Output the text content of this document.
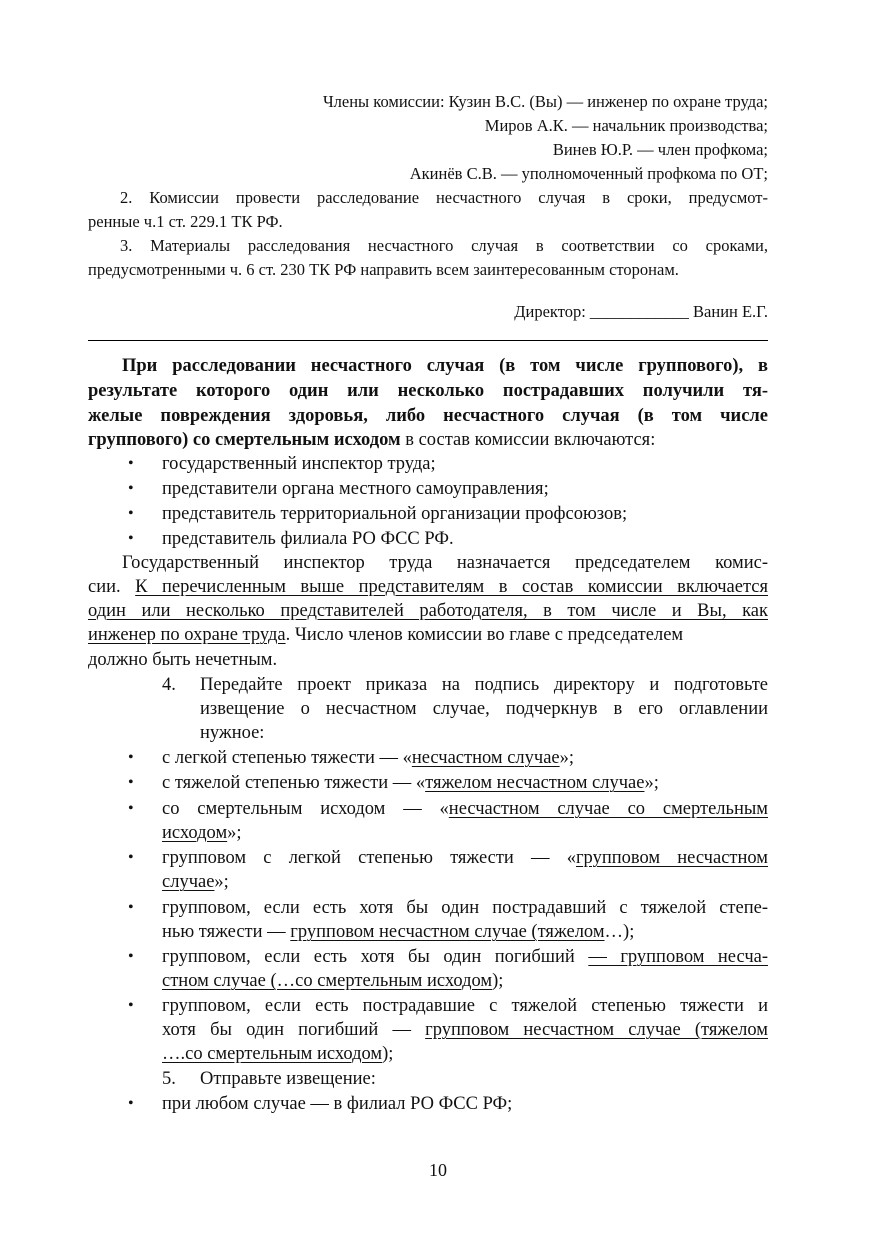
Члены комиссии: Кузин В.С. (Вы) — инженер по охране труда;
Миров А.К. — начальник производства;
Винев Ю.Р. — член профкома;
Акинёв С.В. — уполномоченный профкома по ОТ;
2. Комиссии провести расследование несчастного случая в сроки, предусмот-
ренные ч.1 ст. 229.1 ТК РФ.
3. Материалы расследования несчастного случая в соответствии со сроками,
предусмотренными ч. 6 ст. 230 ТК РФ направить всем заинтересованным сторонам.
Директор: ____________ Ванин Е.Г.
При расследовании несчастного случая (в том числе группового), в
результате которого один или несколько пострадавших получили тя-
желые повреждения здоровья, либо несчастного случая (в том числе
группового) со смертельным исходом в состав комиссии включаются:
• государственный инспектор труда;
• представители органа местного самоуправления;
• представитель территориальной организации профсоюзов;
• представитель филиала РО ФСС РФ.
Государственный инспектор труда назначается председателем комис-
сии. К перечисленным выше представителям в состав комиссии включается
один или несколько представителей работодателя, в том числе и Вы, как
инженер по охране труда. Число членов комиссии во главе с председателем
должно быть нечетным.
4. Передайте проект приказа на подпись директору и подготовьте
извещение о несчастном случае, подчеркнув в его оглавлении
нужное:
• с легкой степенью тяжести — «несчастном случае»;
• с тяжелой степенью тяжести — «тяжелом несчастном случае»;
• со смертельным исходом — «несчастном случае со смертельным
исходом»;
• групповом с легкой степенью тяжести — «групповом несчастном
случае»;
• групповом, если есть хотя бы один пострадавший с тяжелой степе-
нью тяжести — групповом несчастном случае (тяжелом…);
• групповом, если есть хотя бы один погибший — групповом несча-
стном случае (…со смертельным исходом);
• групповом, если есть пострадавшие с тяжелой степенью тяжести и
хотя бы один погибший — групповом несчастном случае (тяжелом
….со смертельным исходом);
5. Отправьте извещение:
• при любом случае — в филиал РО ФСС РФ;
10
